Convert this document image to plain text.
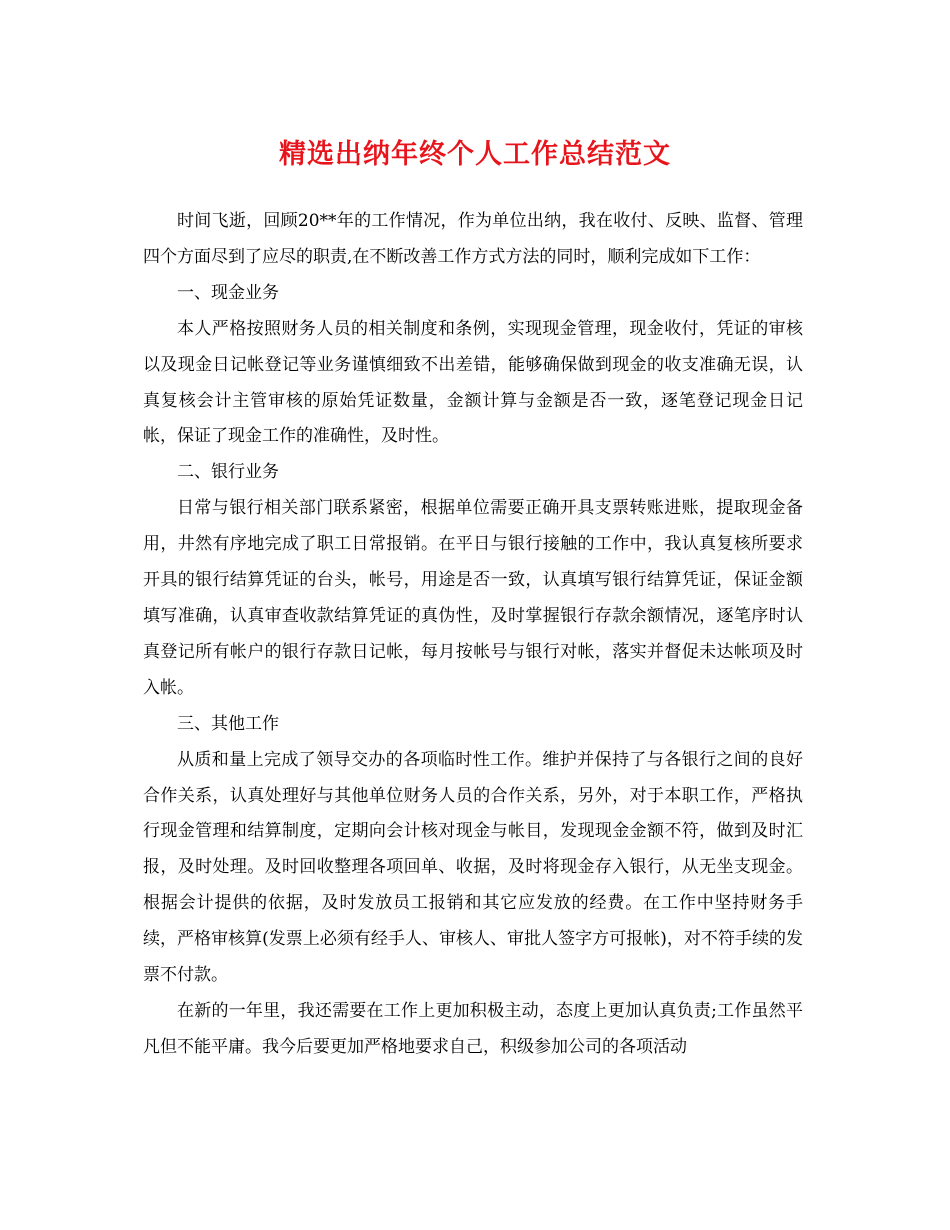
精选出纳年终个人工作总结范文

时间飞逝，回顾20**年的工作情况，作为单位出纳，我在收付、反映、监督、管理四个方面尽到了应尽的职责,在不断改善工作方式方法的同时，顺利完成如下工作：

一、现金业务

本人严格按照财务人员的相关制度和条例，实现现金管理，现金收付，凭证的审核以及现金日记帐登记等业务谨慎细致不出差错，能够确保做到现金的收支准确无误，认真复核会计主管审核的原始凭证数量，金额计算与金额是否一致，逐笔登记现金日记帐，保证了现金工作的准确性，及时性。

二、银行业务

日常与银行相关部门联系紧密，根据单位需要正确开具支票转账进账，提取现金备用，井然有序地完成了职工日常报销。在平日与银行接触的工作中，我认真复核所要求开具的银行结算凭证的台头，帐号，用途是否一致，认真填写银行结算凭证，保证金额填写准确，认真审查收款结算凭证的真伪性，及时掌握银行存款余额情况，逐笔序时认真登记所有帐户的银行存款日记帐，每月按帐号与银行对帐，落实并督促未达帐项及时入帐。

三、其他工作

从质和量上完成了领导交办的各项临时性工作。维护并保持了与各银行之间的良好合作关系，认真处理好与其他单位财务人员的合作关系，另外，对于本职工作，严格执行现金管理和结算制度，定期向会计核对现金与帐目，发现现金金额不符，做到及时汇报，及时处理。及时回收整理各项回单、收据，及时将现金存入银行，从无坐支现金。根据会计提供的依据，及时发放员工报销和其它应发放的经费。在工作中坚持财务手续，严格审核算(发票上必须有经手人、审核人、审批人签字方可报帐)，对不符手续的发票不付款。

在新的一年里，我还需要在工作上更加积极主动，态度上更加认真负责;工作虽然平凡但不能平庸。我今后要更加严格地要求自己，积级参加公司的各项活动
